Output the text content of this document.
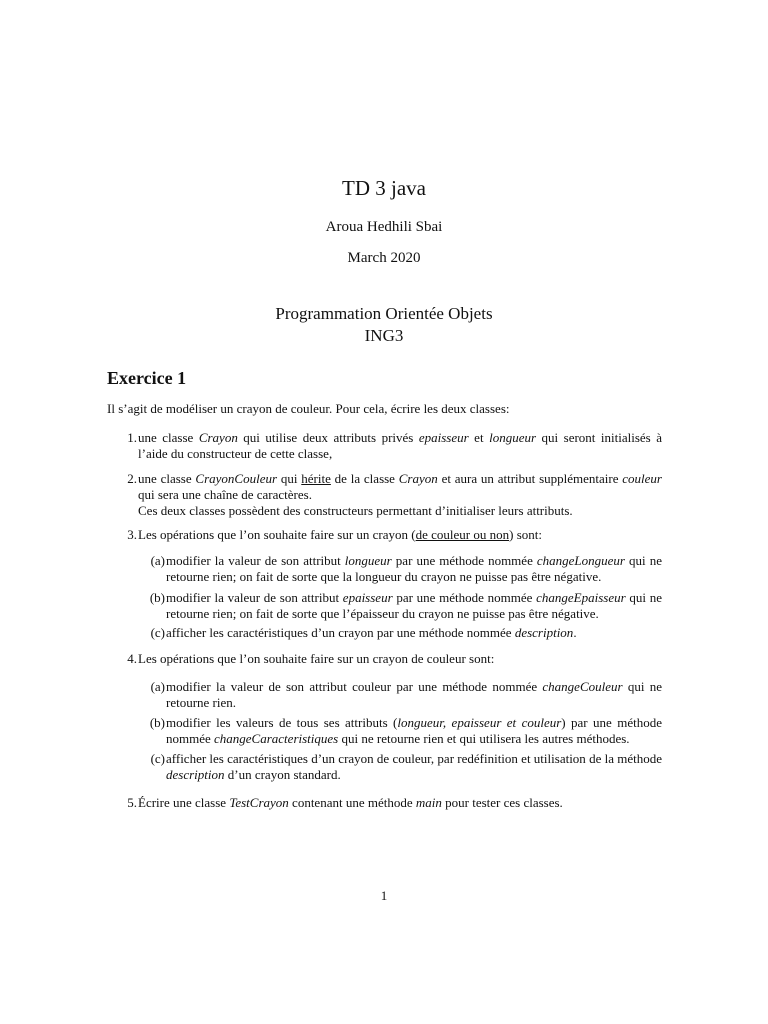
TD 3 java
Aroua Hedhili Sbai
March 2020
Programmation Orientée Objets
ING3
Exercice 1
Il s’agit de modéliser un crayon de couleur. Pour cela, écrire les deux classes:
1. une classe Crayon qui utilise deux attributs privés epaisseur et longueur qui seront initialisés à l’aide du constructeur de cette classe,
2. une classe CrayonCouleur qui hérite de la classe Crayon et aura un attribut supplémentaire couleur qui sera une chaîne de caractères.
Ces deux classes possèdent des constructeurs permettant d’initialiser leurs attributs.
3. Les opérations que l’on souhaite faire sur un crayon (de couleur ou non) sont:
(a) modifier la valeur de son attribut longueur par une méthode nommée changeLongueur qui ne retourne rien; on fait de sorte que la longueur du crayon ne puisse pas être négative.
(b) modifier la valeur de son attribut epaisseur par une méthode nommée changeEpaisseur qui ne retourne rien; on fait de sorte que l’épaisseur du crayon ne puisse pas être négative.
(c) afficher les caractéristiques d’un crayon par une méthode nommée description.
4. Les opérations que l’on souhaite faire sur un crayon de couleur sont:
(a) modifier la valeur de son attribut couleur par une méthode nommée changeCouleur qui ne retourne rien.
(b) modifier les valeurs de tous ses attributs (longueur, epaisseur et couleur) par une méthode nommée changeCaracteristiques qui ne retourne rien et qui utilisera les autres méthodes.
(c) afficher les caractéristiques d’un crayon de couleur, par redéfinition et utilisation de la méthode description d’un crayon standard.
5. Écrire une classe TestCrayon contenant une méthode main pour tester ces classes.
1
